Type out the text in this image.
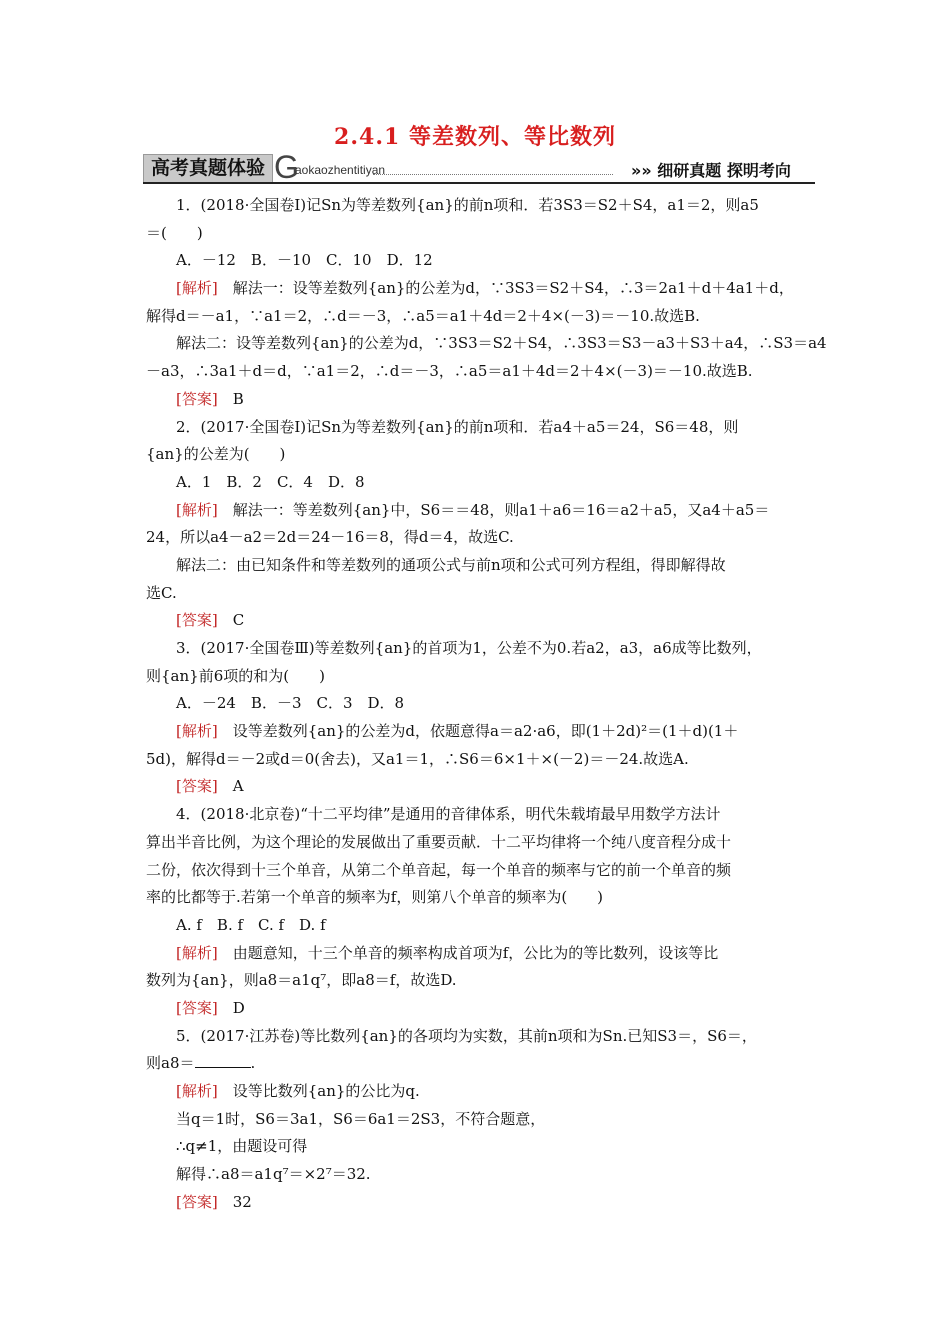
2.4.1 等差数列、等比数列
高考真题体验 G
aokaozhentitiyan	»» 细研真题 探明考向
1．(2018·全国卷Ⅰ)记Sn为等差数列{an}的前n项和．若3S3＝S2＋S4，a1＝2，则a5
＝(　　)
A．－12　B．－10　C．10　D．12
[解析]　解法一：设等差数列{an}的公差为d，∵3S3＝S2＋S4，∴3＝2a1＋d＋4a1＋d，
解得d＝－a1，∵a1＝2，∴d＝－3，∴a5＝a1＋4d＝2＋4×(－3)＝－10.故选B.
解法二：设等差数列{an}的公差为d，∵3S3＝S2＋S4，∴3S3＝S3－a3＋S3＋a4，∴S3＝a4
－a3，∴3a1＋d＝d，∵a1＝2，∴d＝－3，∴a5＝a1＋4d＝2＋4×(－3)＝－10.故选B.
[答案]　B
2．(2017·全国卷Ⅰ)记Sn为等差数列{an}的前n项和．若a4＋a5＝24，S6＝48，则
{an}的公差为(　　)
A．1　B．2　C．4　D．8
[解析]　解法一：等差数列{an}中，S6＝＝48，则a1＋a6＝16＝a2＋a5，又a4＋a5＝
24，所以a4－a2＝2d＝24－16＝8，得d＝4，故选C.
解法二：由已知条件和等差数列的通项公式与前n项和公式可列方程组，得即解得故
选C.
[答案]　C
3．(2017·全国卷Ⅲ)等差数列{an}的首项为1，公差不为0.若a2，a3，a6成等比数列，
则{an}前6项的和为(　　)
A．－24　B．－3　C．3　D．8
[解析]　设等差数列{an}的公差为d，依题意得a＝a2·a6，即(1＋2d)²＝(1＋d)(1＋
5d)，解得d＝－2或d＝0(舍去)，又a1＝1，∴S6＝6×1＋×(－2)＝－24.故选A.
[答案]　A
4．(2018·北京卷)“十二平均律”是通用的音律体系，明代朱载堉最早用数学方法计
算出半音比例，为这个理论的发展做出了重要贡献．十二平均律将一个纯八度音程分成十
二份，依次得到十三个单音，从第二个单音起，每一个单音的频率与它的前一个单音的频
率的比都等于.若第一个单音的频率为f，则第八个单音的频率为(　　)
A. f　B. f　C. f　D. f
[解析]　由题意知，十三个单音的频率构成首项为f，公比为的等比数列，设该等比
数列为{an}，则a8＝a1q⁷，即a8＝f，故选D.
[答案]　D
5．(2017·江苏卷)等比数列{an}的各项均为实数，其前n项和为Sn.已知S3＝，S6＝，
则a8＝	.
[解析]　设等比数列{an}的公比为q.
当q＝1时，S6＝3a1，S6＝6a1＝2S3，不符合题意，
∴q≠1，由题设可得
解得∴a8＝a1q⁷＝×2⁷＝32.
[答案]　32
